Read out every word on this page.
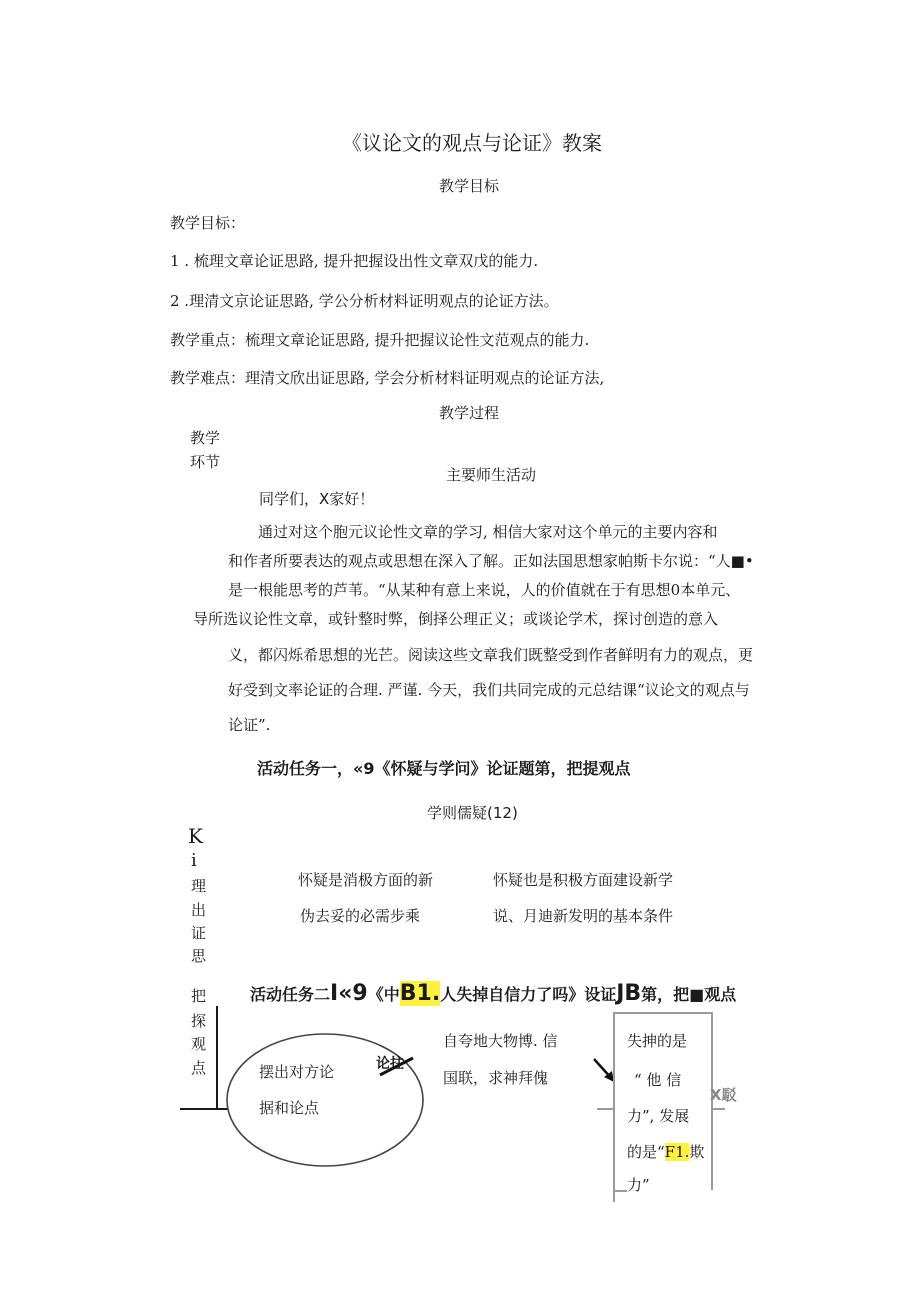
《议论文的观点与论证》教案
教学目标
教学目标：
1 . 梳理文章论证思路, 提升把握设出性文章双戊的能力.
2 .理清文京论证思路, 学公分析材料证明观点的论证方法。
教学重点：梳理文章论证思路, 提升把握议论性文范观点的能力.
教学难点：理清文欣出证思路, 学会分析材料证明观点的论证方法,
教学过程
教学
环节
主要师生活动
同学们，X家好！
通过对这个胞元议论性文章的学习, 相信大家对这个单元的主要内容和
和作者所要表达的观点或思想在深入了解。正如法国思想家帕斯卡尔说：“人■•
是一根能思考的芦苇。“从某种有意上来说，人的价值就在于有思想0本单元、
导所选议论性文章，或针整时弊，倒择公理正义；或谈论学术，探讨创造的意入
义，都闪烁希思想的光芒。阅读这些文章我们既整受到作者鲜明有力的观点，更
好受到文率论证的合理. 严谨. 今天，我们共同完成的元总结课“议论文的观点与
论证”.
活动任务一，«9《怀疑与学问》论证题第，把提观点
学则儒疑(12)
K
i
理
出
证
思
把
探
观
点
怀疑是消极方面的新
伪去妥的必需步乘
怀疑也是积极方面建设新学
说、月迪新发明的基本条件
活动任务二I«9《中B1.人失掉自信力了吗》设证JB第，把■观点
摆出对方论
据和论点
论拄
自夸地大物博. 信
国联，求神拜傀
失抻的是
“ 他 信
力”, 发展
的是“F1.欺
力”
X駁
